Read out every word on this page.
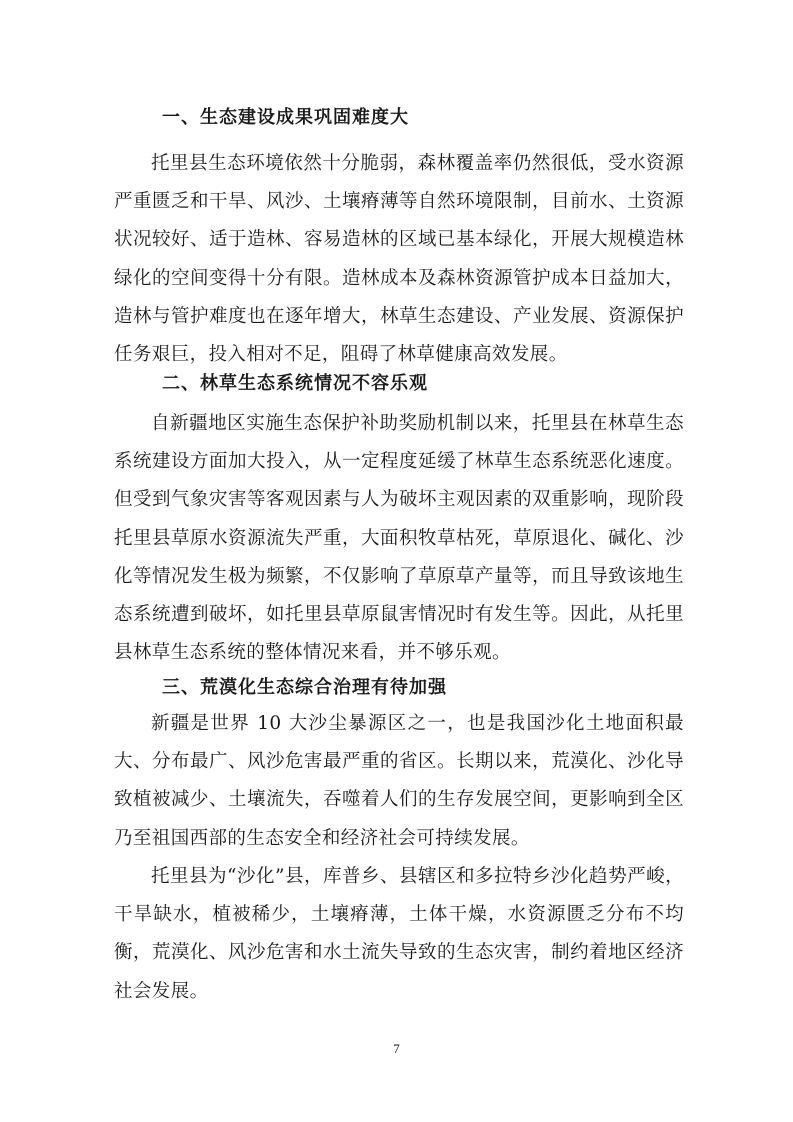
一、生态建设成果巩固难度大

托里县生态环境依然十分脆弱，森林覆盖率仍然很低，受水资源严重匮乏和干旱、风沙、土壤瘠薄等自然环境限制，目前水、土资源状况较好、适于造林、容易造林的区域已基本绿化，开展大规模造林绿化的空间变得十分有限。造林成本及森林资源管护成本日益加大，造林与管护难度也在逐年增大，林草生态建设、产业发展、资源保护任务艰巨，投入相对不足，阻碍了林草健康高效发展。

二、林草生态系统情况不容乐观

自新疆地区实施生态保护补助奖励机制以来，托里县在林草生态系统建设方面加大投入，从一定程度延缓了林草生态系统恶化速度。但受到气象灾害等客观因素与人为破坏主观因素的双重影响，现阶段托里县草原水资源流失严重，大面积牧草枯死，草原退化、碱化、沙化等情况发生极为频繁，不仅影响了草原草产量等，而且导致该地生态系统遭到破坏，如托里县草原鼠害情况时有发生等。因此，从托里县林草生态系统的整体情况来看，并不够乐观。

三、荒漠化生态综合治理有待加强

新疆是世界 10 大沙尘暴源区之一，也是我国沙化土地面积最大、分布最广、风沙危害最严重的省区。长期以来，荒漠化、沙化导致植被减少、土壤流失，吞噬着人们的生存发展空间，更影响到全区乃至祖国西部的生态安全和经济社会可持续发展。

托里县为“沙化”县，库普乡、县辖区和多拉特乡沙化趋势严峻，干旱缺水，植被稀少，土壤瘠薄，土体干燥，水资源匮乏分布不均衡，荒漠化、风沙危害和水土流失导致的生态灾害，制约着地区经济社会发展。

7
